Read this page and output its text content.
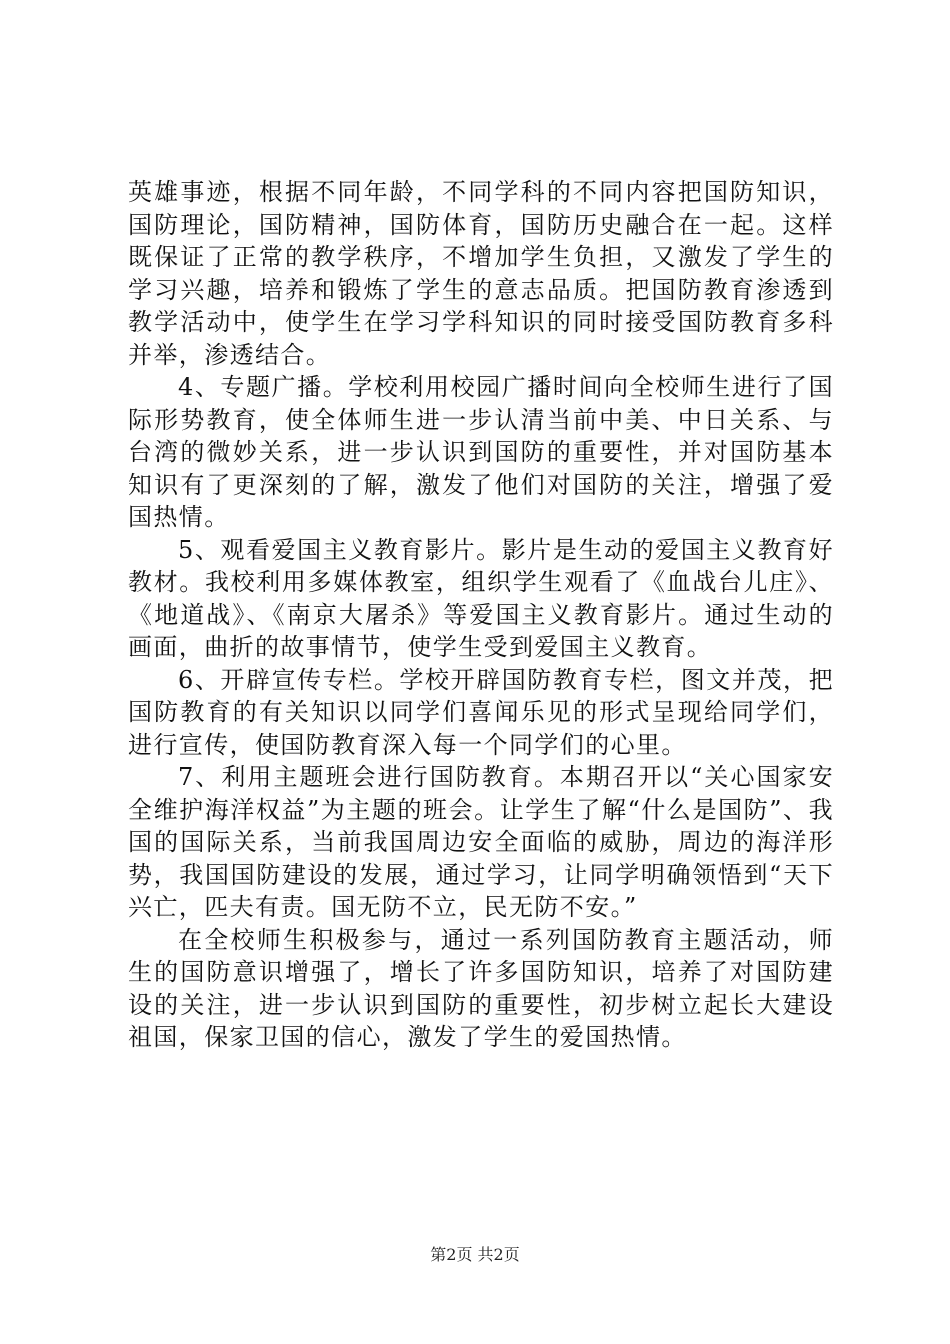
英雄事迹，根据不同年龄，不同学科的不同内容把国防知识，国防理论，国防精神，国防体育，国防历史融合在一起。这样既保证了正常的教学秩序，不增加学生负担，又激发了学生的学习兴趣，培养和锻炼了学生的意志品质。把国防教育渗透到教学活动中，使学生在学习学科知识的同时接受国防教育多科并举，渗透结合。

4、专题广播。学校利用校园广播时间向全校师生进行了国际形势教育，使全体师生进一步认清当前中美、中日关系、与台湾的微妙关系，进一步认识到国防的重要性，并对国防基本知识有了更深刻的了解，激发了他们对国防的关注，增强了爱国热情。

5、观看爱国主义教育影片。影片是生动的爱国主义教育好教材。我校利用多媒体教室，组织学生观看了《血战台儿庄》、《地道战》、《南京大屠杀》等爱国主义教育影片。通过生动的画面，曲折的故事情节，使学生受到爱国主义教育。

6、开辟宣传专栏。学校开辟国防教育专栏，图文并茂，把国防教育的有关知识以同学们喜闻乐见的形式呈现给同学们，进行宣传，使国防教育深入每一个同学们的心里。

7、利用主题班会进行国防教育。本期召开以“关心国家安全维护海洋权益”为主题的班会。让学生了解“什么是国防”、我国的国际关系，当前我国周边安全面临的威胁，周边的海洋形势，我国国防建设的发展，通过学习，让同学明确领悟到“天下兴亡，匹夫有责。国无防不立，民无防不安。”

在全校师生积极参与，通过一系列国防教育主题活动，师生的国防意识增强了，增长了许多国防知识，培养了对国防建设的关注，进一步认识到国防的重要性，初步树立起长大建设祖国，保家卫国的信心，激发了学生的爱国热情。

第2页 共2页
